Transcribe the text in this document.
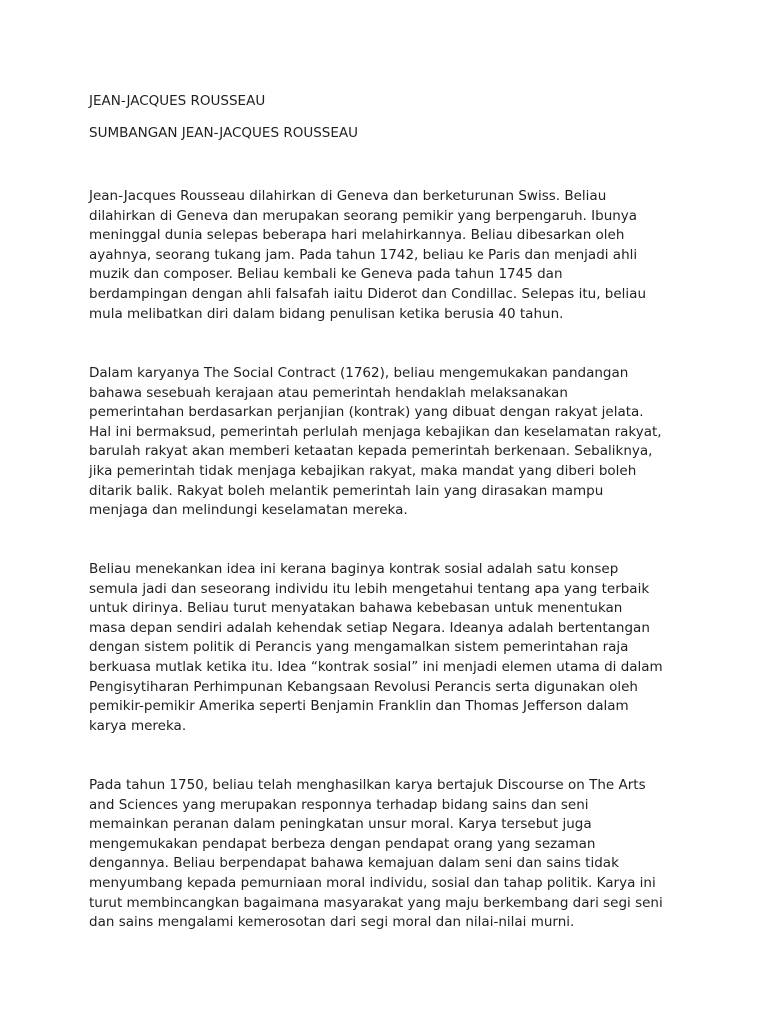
JEAN-JACQUES ROUSSEAU
SUMBANGAN JEAN-JACQUES ROUSSEAU
Jean-Jacques Rousseau dilahirkan di Geneva dan berketurunan Swiss. Beliau
dilahirkan di Geneva dan merupakan seorang pemikir yang berpengaruh. Ibunya
meninggal dunia selepas beberapa hari melahirkannya. Beliau dibesarkan oleh
ayahnya, seorang tukang jam. Pada tahun 1742, beliau ke Paris dan menjadi ahli
muzik dan composer. Beliau kembali ke Geneva pada tahun 1745 dan
berdampingan dengan ahli falsafah iaitu Diderot dan Condillac. Selepas itu, beliau
mula melibatkan diri dalam bidang penulisan ketika berusia 40 tahun.
Dalam karyanya The Social Contract (1762), beliau mengemukakan pandangan
bahawa sesebuah kerajaan atau pemerintah hendaklah melaksanakan
pemerintahan berdasarkan perjanjian (kontrak) yang dibuat dengan rakyat jelata.
Hal ini bermaksud, pemerintah perlulah menjaga kebajikan dan keselamatan rakyat,
barulah rakyat akan memberi ketaatan kepada pemerintah berkenaan. Sebaliknya,
jika pemerintah tidak menjaga kebajikan rakyat, maka mandat yang diberi boleh
ditarik balik. Rakyat boleh melantik pemerintah lain yang dirasakan mampu
menjaga dan melindungi keselamatan mereka.
Beliau menekankan idea ini kerana baginya kontrak sosial adalah satu konsep
semula jadi dan seseorang individu itu lebih mengetahui tentang apa yang terbaik
untuk dirinya. Beliau turut menyatakan bahawa kebebasan untuk menentukan
masa depan sendiri adalah kehendak setiap Negara. Ideanya adalah bertentangan
dengan sistem politik di Perancis yang mengamalkan sistem pemerintahan raja
berkuasa mutlak ketika itu. Idea “kontrak sosial” ini menjadi elemen utama di dalam
Pengisytiharan Perhimpunan Kebangsaan Revolusi Perancis serta digunakan oleh
pemikir-pemikir Amerika seperti Benjamin Franklin dan Thomas Jefferson dalam
karya mereka.
Pada tahun 1750, beliau telah menghasilkan karya bertajuk Discourse on The Arts
and Sciences yang merupakan responnya terhadap bidang sains dan seni
memainkan peranan dalam peningkatan unsur moral. Karya tersebut juga
mengemukakan pendapat berbeza dengan pendapat orang yang sezaman
dengannya. Beliau berpendapat bahawa kemajuan dalam seni dan sains tidak
menyumbang kepada pemurniaan moral individu, sosial dan tahap politik. Karya ini
turut membincangkan bagaimana masyarakat yang maju berkembang dari segi seni
dan sains mengalami kemerosotan dari segi moral dan nilai-nilai murni.
